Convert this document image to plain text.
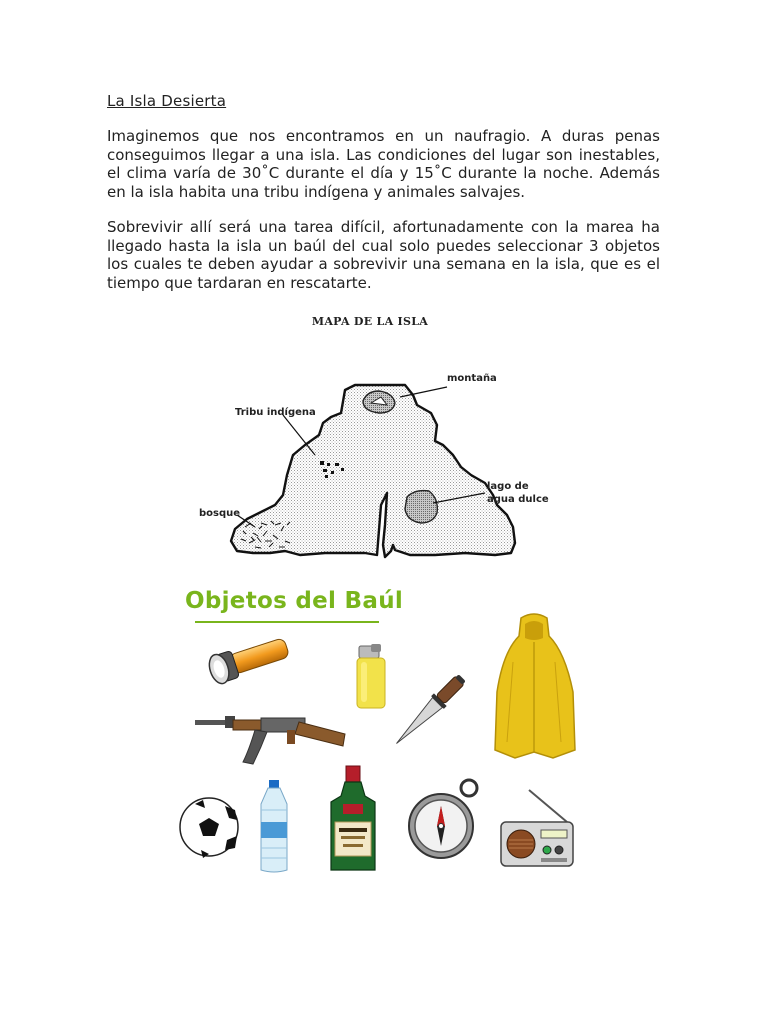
La Isla Desierta
Imaginemos que nos encontramos en un naufragio. A duras penas conseguimos llegar a una isla. Las condiciones del lugar son inestables, el clima varía de 30˚C durante el día y 15˚C durante la noche. Además en la isla habita una tribu indígena y animales salvajes.
Sobrevivir allí será una tarea difícil, afortunadamente con la marea ha llegado hasta la isla un baúl del cual solo puedes seleccionar 3 objetos los cuales te deben ayudar a sobrevivir una semana en la isla, que es el tiempo que tardaran en rescatarte.
MAPA DE LA ISLA
montaña
Tribu indígena
lago de
agua dulce
bosque
Objetos del Baúl
